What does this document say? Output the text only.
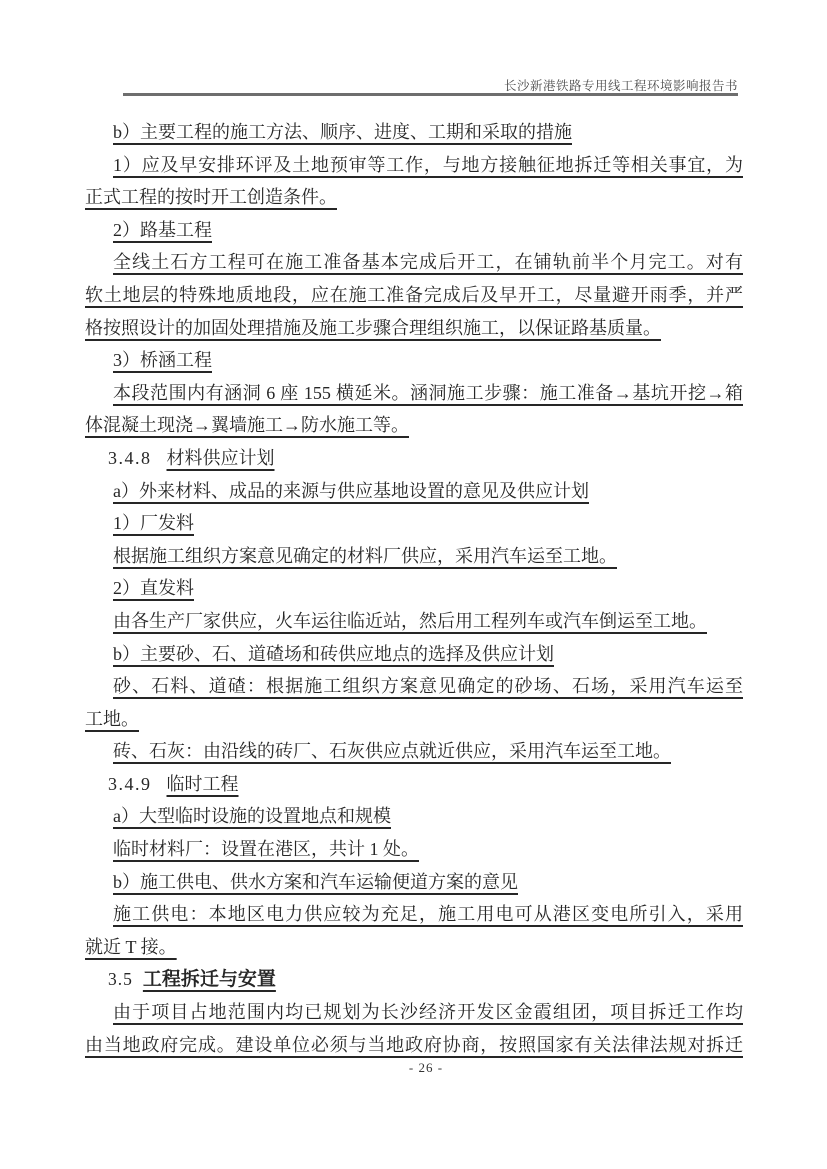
长沙新港铁路专用线工程环境影响报告书
b）主要工程的施工方法、顺序、进度、工期和采取的措施
1）应及早安排环评及土地预审等工作，与地方接触征地拆迁等相关事宜，为
正式工程的按时开工创造条件。
2）路基工程
全线土石方工程可在施工准备基本完成后开工，在铺轨前半个月完工。对有
软土地层的特殊地质地段，应在施工准备完成后及早开工，尽量避开雨季，并严
格按照设计的加固处理措施及施工步骤合理组织施工，以保证路基质量。
3）桥涵工程
本段范围内有涵洞 6 座 155 横延米。涵洞施工步骤：施工准备→基坑开挖→箱
体混凝土现浇→翼墙施工→防水施工等。
3.4.8 材料供应计划
a）外来材料、成品的来源与供应基地设置的意见及供应计划
1）厂发料
根据施工组织方案意见确定的材料厂供应，采用汽车运至工地。
2）直发料
由各生产厂家供应，火车运往临近站，然后用工程列车或汽车倒运至工地。
b）主要砂、石、道碴场和砖供应地点的选择及供应计划
砂、石料、道碴：根据施工组织方案意见确定的砂场、石场，采用汽车运至
工地。
砖、石灰：由沿线的砖厂、石灰供应点就近供应，采用汽车运至工地。
3.4.9 临时工程
a）大型临时设施的设置地点和规模
临时材料厂：设置在港区，共计 1 处。
b）施工供电、供水方案和汽车运输便道方案的意见
施工供电：本地区电力供应较为充足，施工用电可从港区变电所引入，采用
就近 T 接。
3.5 工程拆迁与安置
由于项目占地范围内均已规划为长沙经济开发区金霞组团，项目拆迁工作均
由当地政府完成。建设单位必须与当地政府协商，按照国家有关法律法规对拆迁
- 26 -
